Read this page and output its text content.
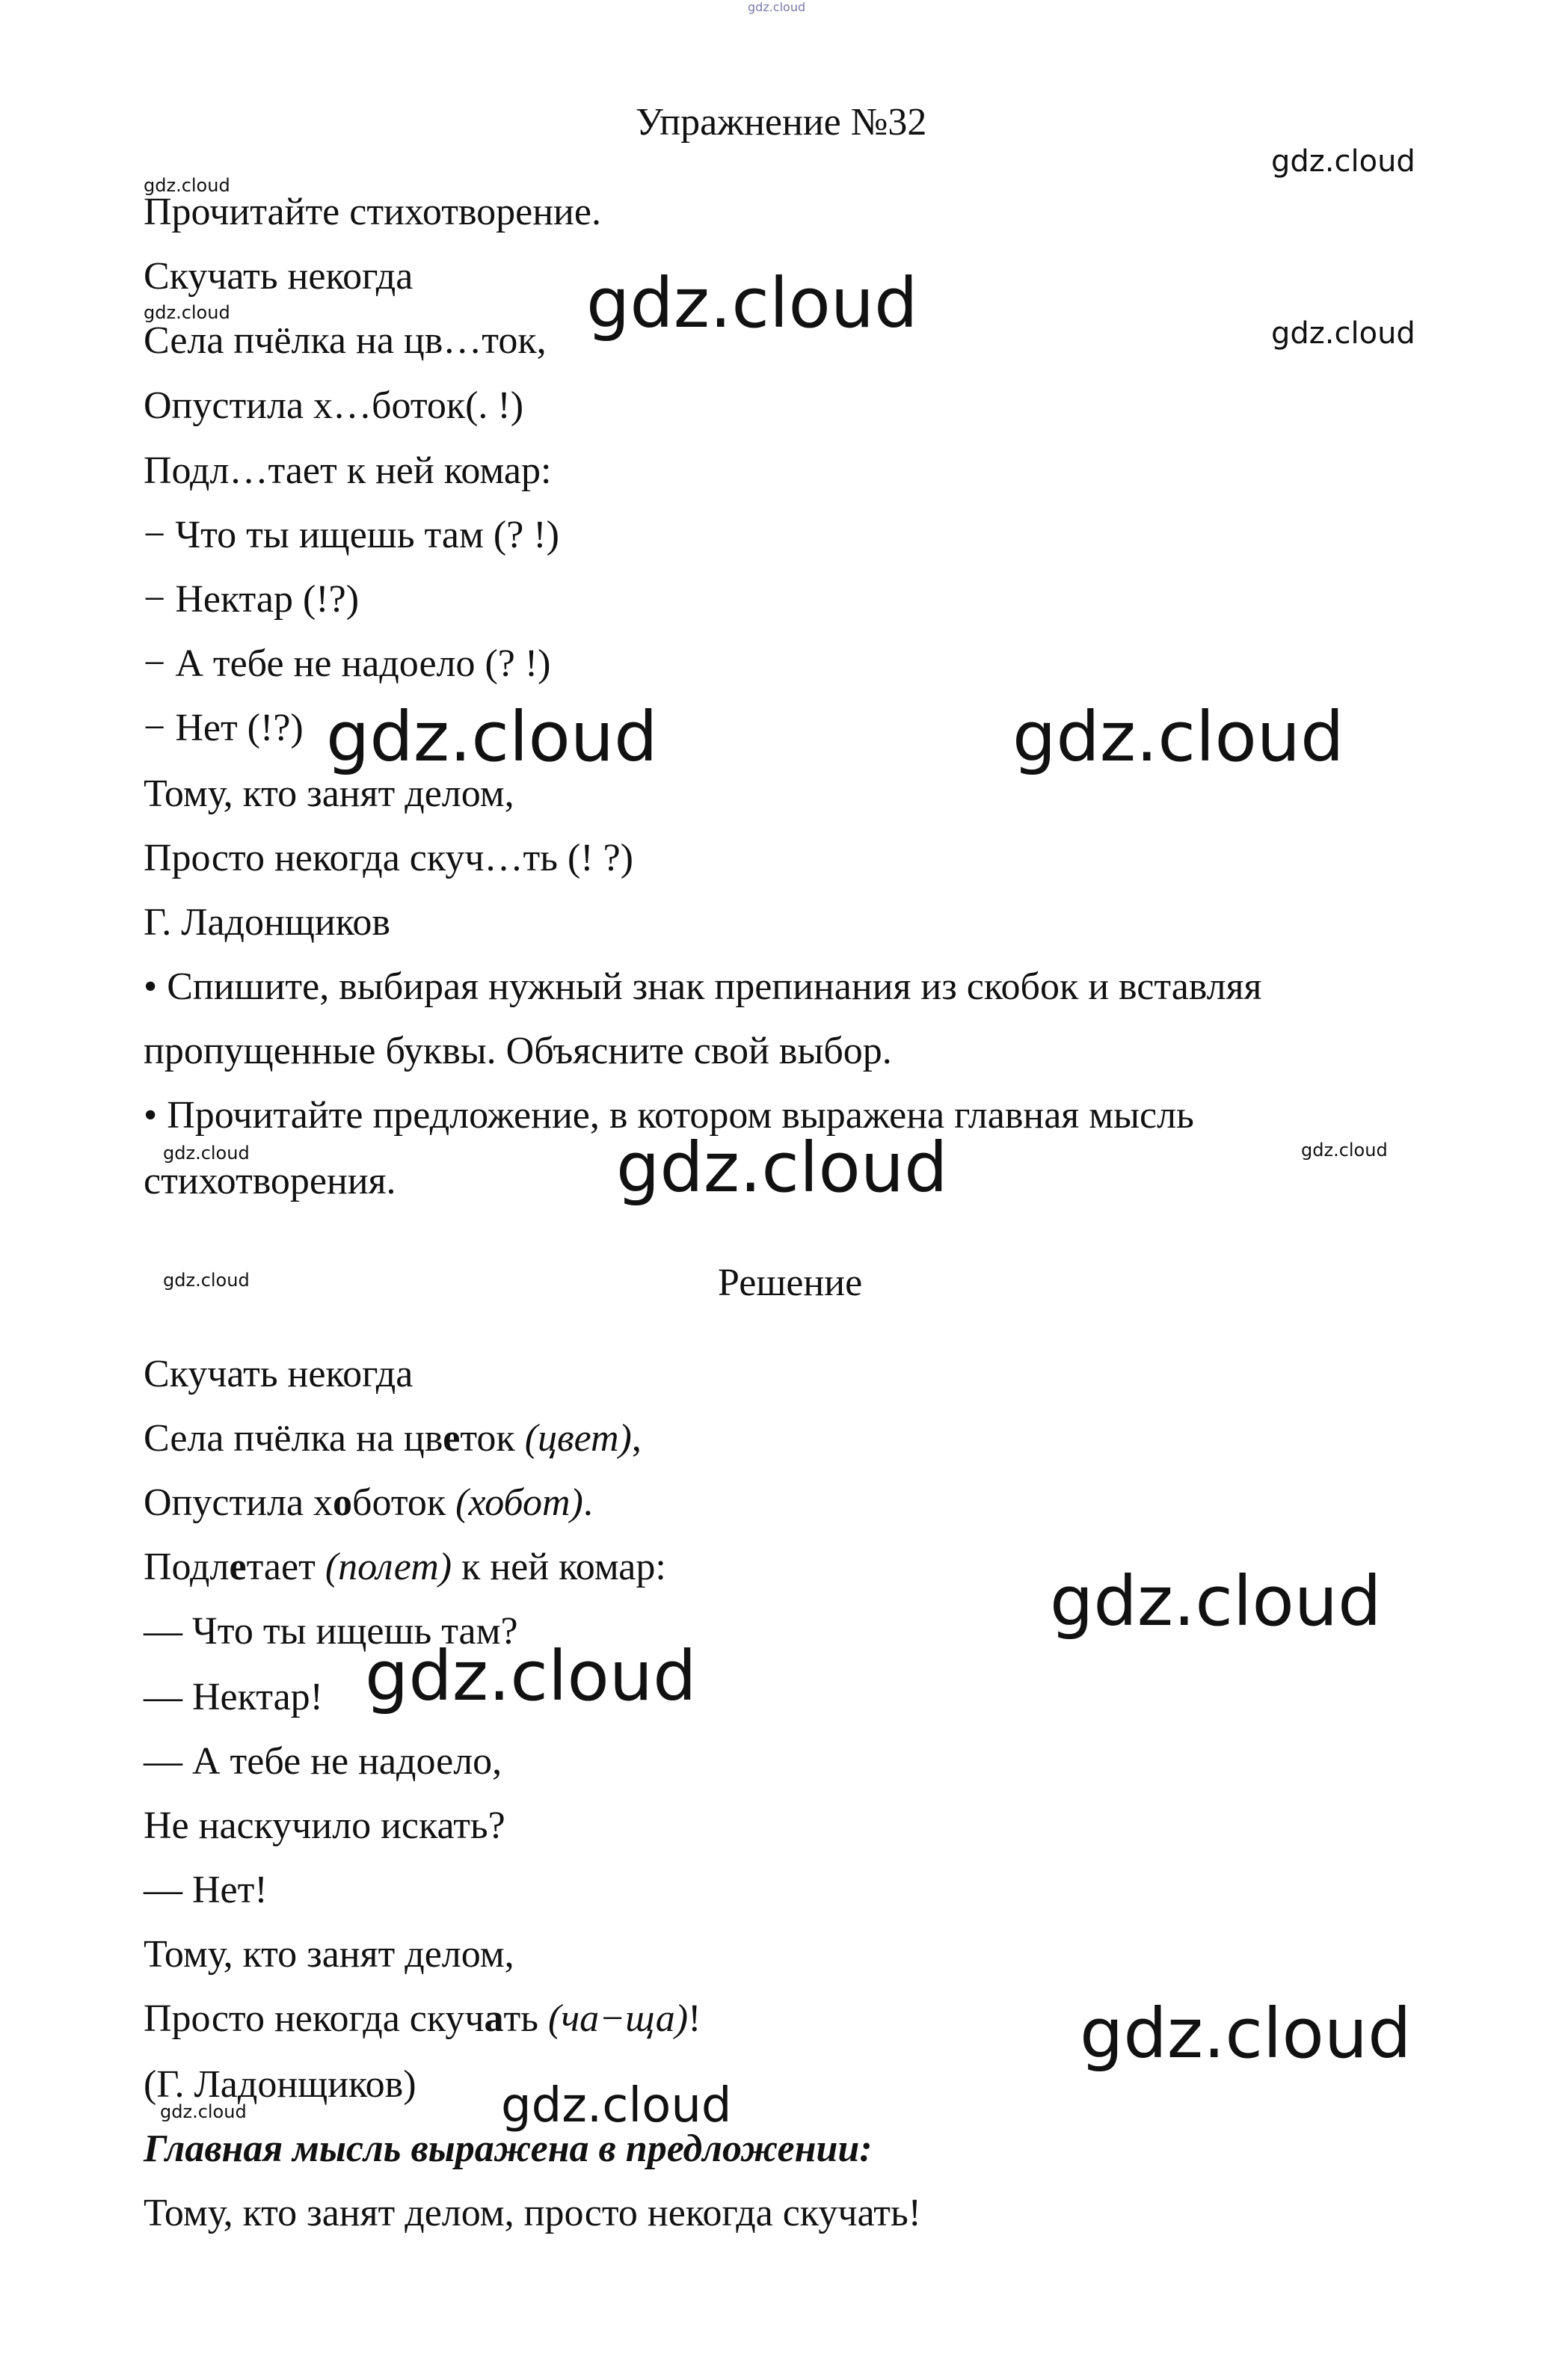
gdz.cloud
gdz.cloud
gdz.cloud
gdz.cloud	gdz.cloud	gdz.cloud
gdz.cloud	gdz.cloud
gdz.cloud	gdz.cloud
gdz.cloud
gdz.cloud
gdz.cloud
gdz.cloud
gdz.cloud
gdz.cloud
gdz.cloud
Упражнение №32
Прочитайте стихотворение.
Скучать некогда
Села пчёлка на цв…ток,
Опустила х…боток(. !)
Подл…тает к ней комар:
− Что ты ищешь там (? !)
− Нектар (!?)
− А тебе не надоело (? !)
− Нет (!?)
Тому, кто занят делом,
Просто некогда скуч…ть (! ?)
Г. Ладонщиков
• Спишите, выбирая нужный знак препинания из скобок и вставляя
пропущенные буквы. Объясните свой выбор.
• Прочитайте предложение, в котором выражена главная мысль
стихотворения.
Решение
Скучать некогда
Села пчёлка на цветок (цвет),
Опустила хоботок (хобот).
Подлетает (полет) к ней комар:
— Что ты ищешь там?
— Нектар!
— А тебе не надоело,
Не наскучило искать?
— Нет!
Тому, кто занят делом,
Просто некогда скучать (ча−ща)!
(Г. Ладонщиков)
Главная мысль выражена в предложении:
Тому, кто занят делом, просто некогда скучать!
